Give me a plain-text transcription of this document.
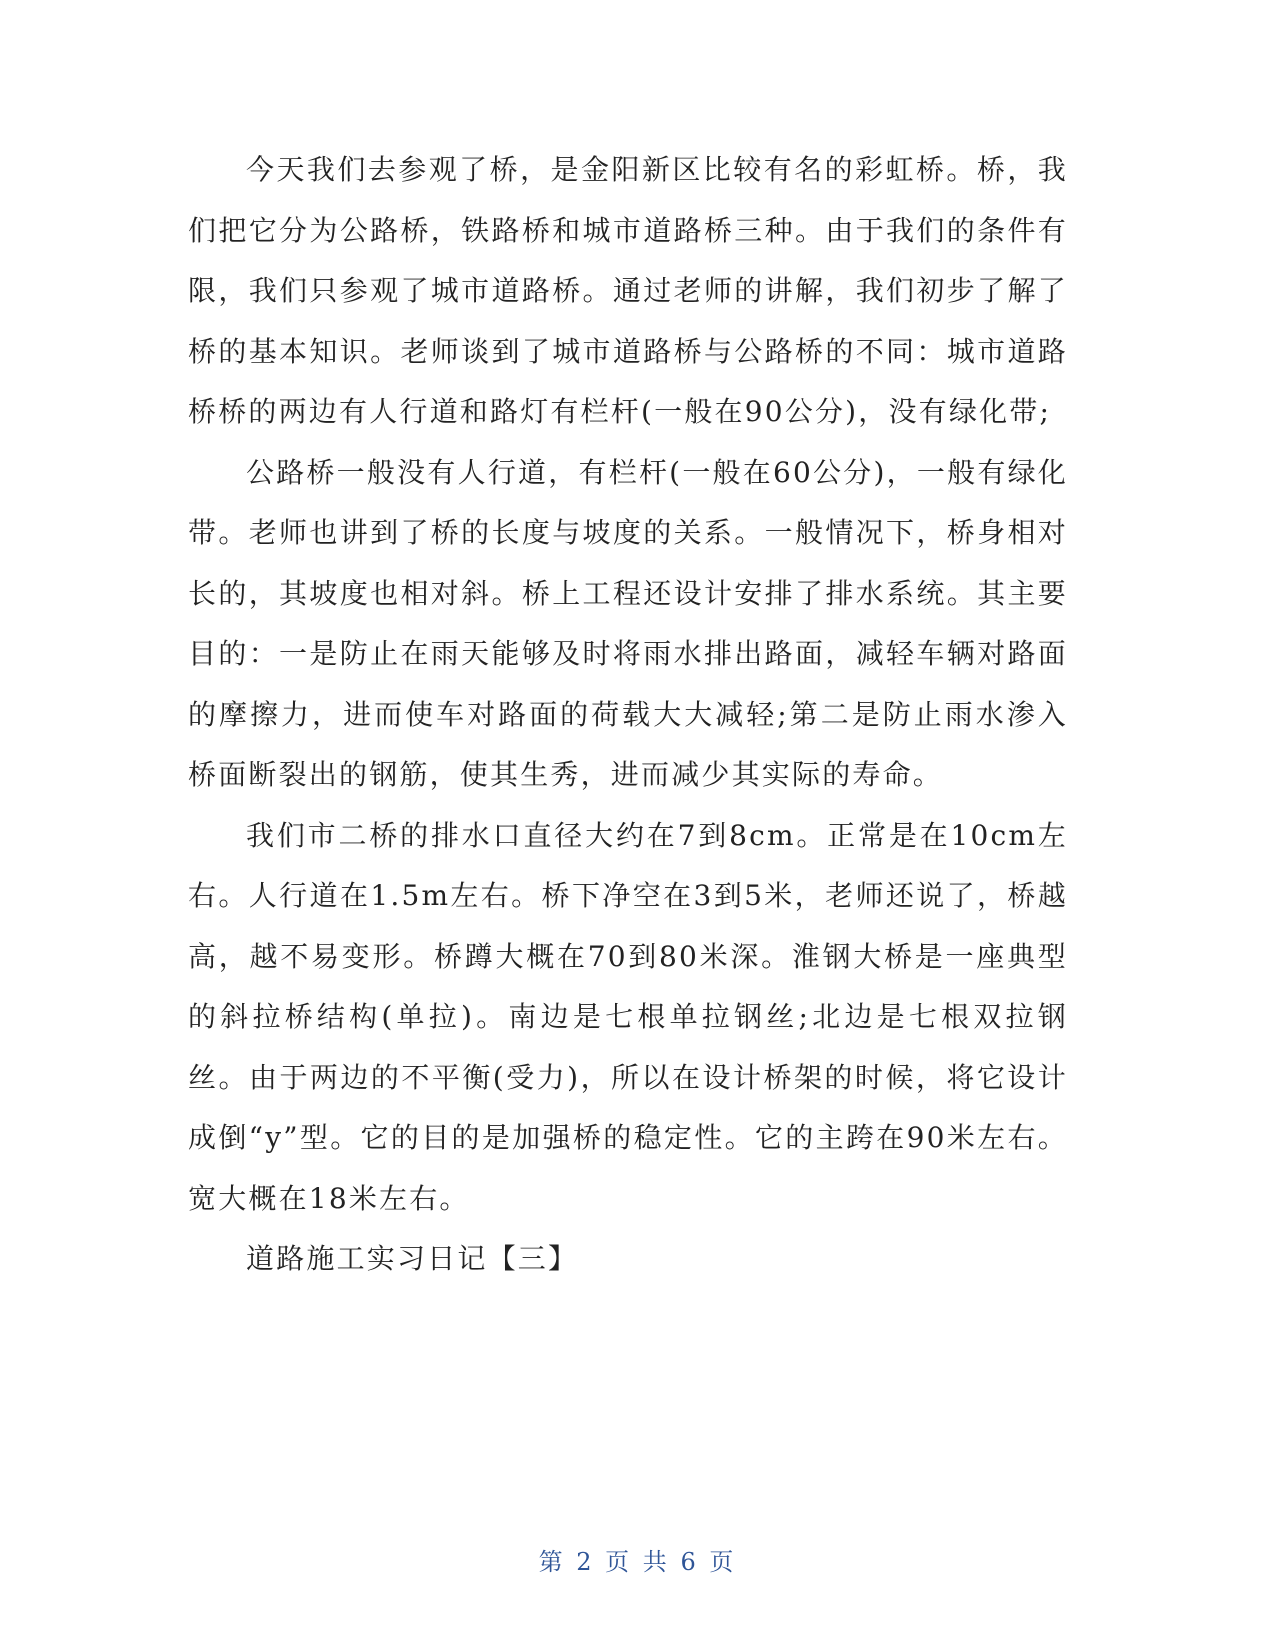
今天我们去参观了桥，是金阳新区比较有名的彩虹桥。桥，我们把它分为公路桥，铁路桥和城市道路桥三种。由于我们的条件有限，我们只参观了城市道路桥。通过老师的讲解，我们初步了解了桥的基本知识。老师谈到了城市道路桥与公路桥的不同：城市道路桥桥的两边有人行道和路灯有栏杆(一般在90公分)，没有绿化带;

公路桥一般没有人行道，有栏杆(一般在60公分)，一般有绿化带。老师也讲到了桥的长度与坡度的关系。一般情况下，桥身相对长的，其坡度也相对斜。桥上工程还设计安排了排水系统。其主要目的：一是防止在雨天能够及时将雨水排出路面，减轻车辆对路面的摩擦力，进而使车对路面的荷载大大减轻;第二是防止雨水渗入桥面断裂出的钢筋，使其生秀，进而减少其实际的寿命。

我们市二桥的排水口直径大约在7到8cm。正常是在10cm左右。人行道在1.5m左右。桥下净空在3到5米，老师还说了，桥越高，越不易变形。桥蹲大概在70到80米深。淮钢大桥是一座典型的斜拉桥结构(单拉)。南边是七根单拉钢丝;北边是七根双拉钢丝。由于两边的不平衡(受力)，所以在设计桥架的时候，将它设计成倒“y”型。它的目的是加强桥的稳定性。它的主跨在90米左右。宽大概在18米左右。

道路施工实习日记【三】

第 2 页 共 6 页
